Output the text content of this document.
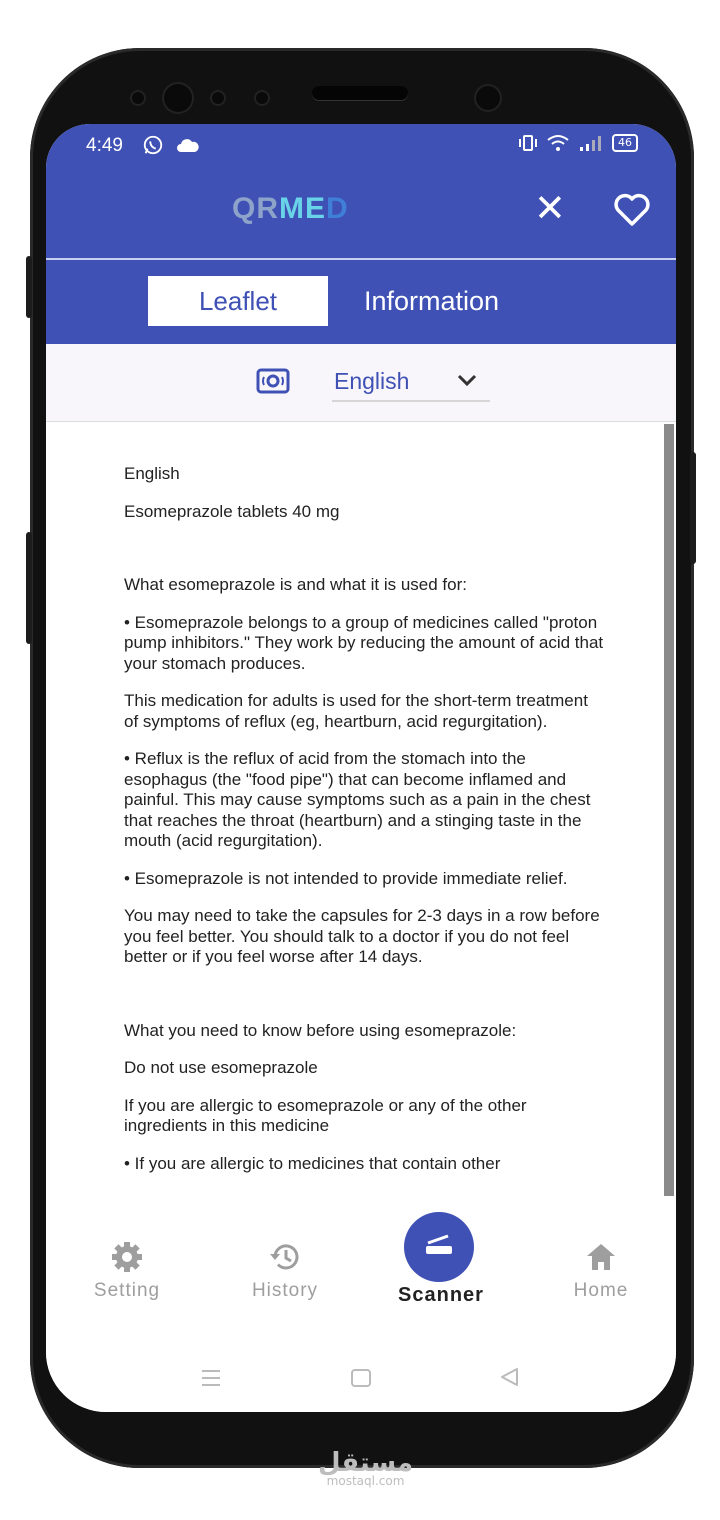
4:49
	46
QRMED	✕
Leaflet	Information
English

English

Esomeprazole tablets 40 mg

What esomeprazole is and what it is used for:

• Esomeprazole belongs to a group of medicines called "proton pump inhibitors." They work by reducing the amount of acid that your stomach produces.

This medication for adults is used for the short-term treatment of symptoms of reflux (eg, heartburn, acid regurgitation).

• Reflux is the reflux of acid from the stomach into the esophagus (the "food pipe") that can become inflamed and painful. This may cause symptoms such as a pain in the chest that reaches the throat (heartburn) and a stinging taste in the mouth (acid regurgitation).

• Esomeprazole is not intended to provide immediate relief.

You may need to take the capsules for 2-3 days in a row before you feel better. You should talk to a doctor if you do not feel better or if you feel worse after 14 days.

What you need to know before using esomeprazole:

Do not use esomeprazole

If you are allergic to esomeprazole or any of the other ingredients in this medicine

• If you are allergic to medicines that contain other

Setting	History	Scanner	Home
مستقل
mostaql.com
